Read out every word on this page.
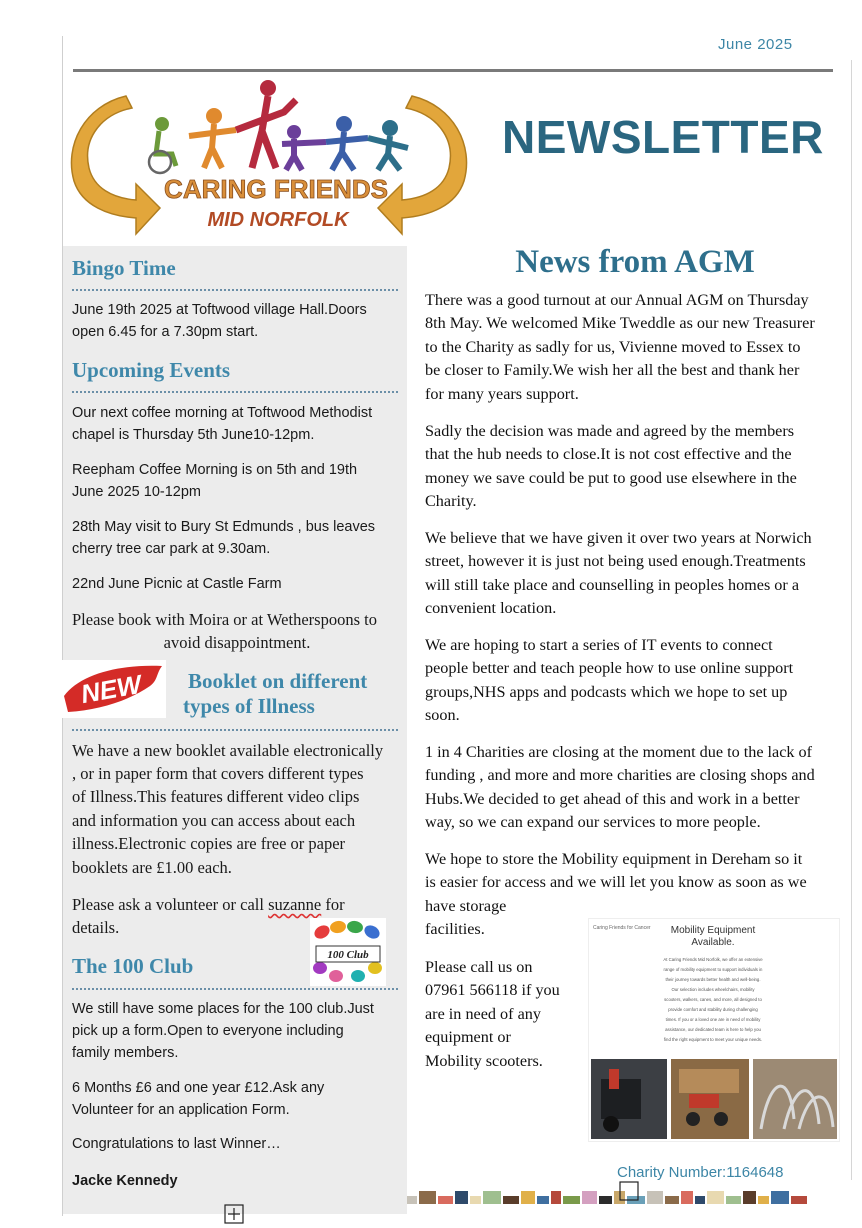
June 2025
CARING FRIENDS
MID NORFOLK
NEWSLETTER
Bingo Time
June 19th 2025 at Toftwood village Hall.Doors
open 6.45 for a 7.30pm start.
Upcoming Events
Our next coffee morning at Toftwood Methodist
chapel is Thursday 5th June10-12pm.
Reepham Coffee Morning is on 5th and 19th
June 2025 10-12pm
28th May visit to Bury St Edmunds , bus leaves
cherry tree car park at 9.30am.
22nd June Picnic at Castle Farm
Please book with Moira or at Wetherspoons to
avoid disappointment.
NEW Booklet on different
types of Illness
We have a new booklet available electronically
, or in paper form that covers different types
of Illness.This features different video clips
and information you can access about each
illness.Electronic copies are free or paper
booklets are £1.00 each.
Please ask a volunteer or call suzanne for
details.
100 Club
The 100 Club
We still have some places for the 100 club.Just
pick up a form.Open to everyone including
family members.
6 Months £6 and one year £12.Ask any
Volunteer for an application Form.
Congratulations to last Winner…
Jacke Kennedy
News from AGM
There was a good turnout at our Annual AGM on Thursday
8th May. We welcomed Mike Tweddle as our new Treasurer
to the Charity as sadly for us, Vivienne moved to Essex to
be closer to Family.We wish her all the best and thank her
for many years support.
Sadly the decision was made and agreed by the members
that the hub needs to close.It is not cost effective and the
money we save could be put to good use elsewhere in the
Charity.
We believe that we have given it over two years at Norwich
street, however it is just not being used enough.Treatments
will still take place and counselling in peoples homes or a
convenient location.
We are hoping to start a series of IT events to connect
people better and teach people how to use online support
groups,NHS apps and podcasts which we hope to set up
soon.
1 in 4 Charities are closing at the moment due to the lack of
funding , and more and more charities are closing shops and
Hubs.We decided to get ahead of this and work in a better
way, so we can expand our services to more people.
We hope to store the Mobility equipment in Dereham so it
is easier for access and we will let you know as soon as we
have storage
facilities.
Please call us on
07961 566118 if you
are in need of any
equipment or
Mobility scooters.
Caring Friends for Cancer Mobility Equipment
Available.
At Caring Friends Mid Norfolk, we offer an extensive
range of mobility equipment to support individuals in
their journey towards better health and well-being.
Our selection includes wheelchairs, mobility
scooters, walkers, canes, and more, all designed to
provide comfort and stability during challenging
times. If you or a loved one are in need of mobility
assistance, our dedicated team is here to help you
find the right equipment to meet your unique needs.
Charity Number:1164648
